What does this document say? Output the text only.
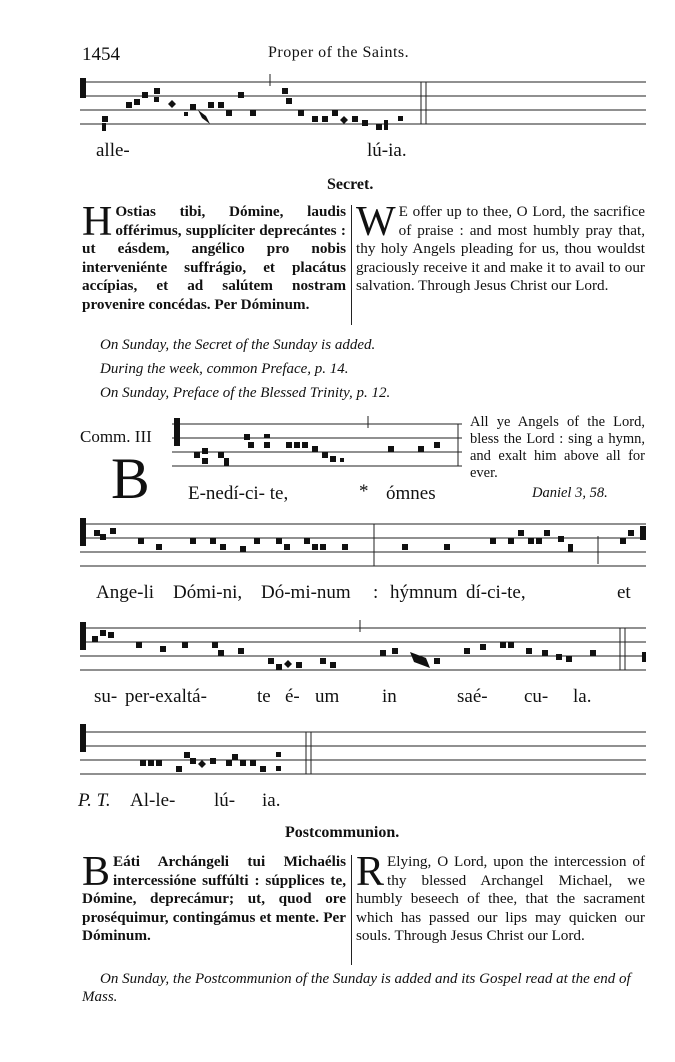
1454	Proper of the Saints.
alle-	lú-ia.
Secret.
H Ostias tibi, Dómine, laudis offérimus, supplíciter deprecántes : ut eásdem, angélico pro nobis interveniénte suffrágio, et placátus accípias, et ad salútem nostram provenire concédas. Per Dóminum.
W E offer up to thee, O Lord, the sacrifice of praise : and most humbly pray that, thy holy Angels pleading for us, thou wouldst graciously receive it and make it to avail to our salvation. Through Jesus Christ our Lord.
On Sunday, the Secret of the Sunday is added.
During the week, common Preface, p. 14.
On Sunday, Preface of the Blessed Trinity, p. 12.
Comm. III
B E-nedí-ci- te,	* ómnes
All ye Angels of the Lord, bless the Lord : sing a hymn, and exalt him above all for ever.
Daniel 3, 58.
Ange-li Dómi-ni, Dó-mi-num : hýmnum dí-ci-te,	et
su- per-exaltá-	te é- um in	saé- cu- la.
P. T. Al-le- lú- ia.
Postcommunion.
B Eáti Archángeli tui Michaélis intercessióne suffúlti : súpplices te, Dómine, deprecámur; ut, quod ore proséquimur, contingámus et mente. Per Dóminum.
R Elying, O Lord, upon the intercession of thy blessed Archangel Michael, we humbly beseech of thee, that the sacrament which has passed our lips may quicken our souls. Through Jesus Christ our Lord.
On Sunday, the Postcommunion of the Sunday is added and its Gospel read at the end of Mass.
